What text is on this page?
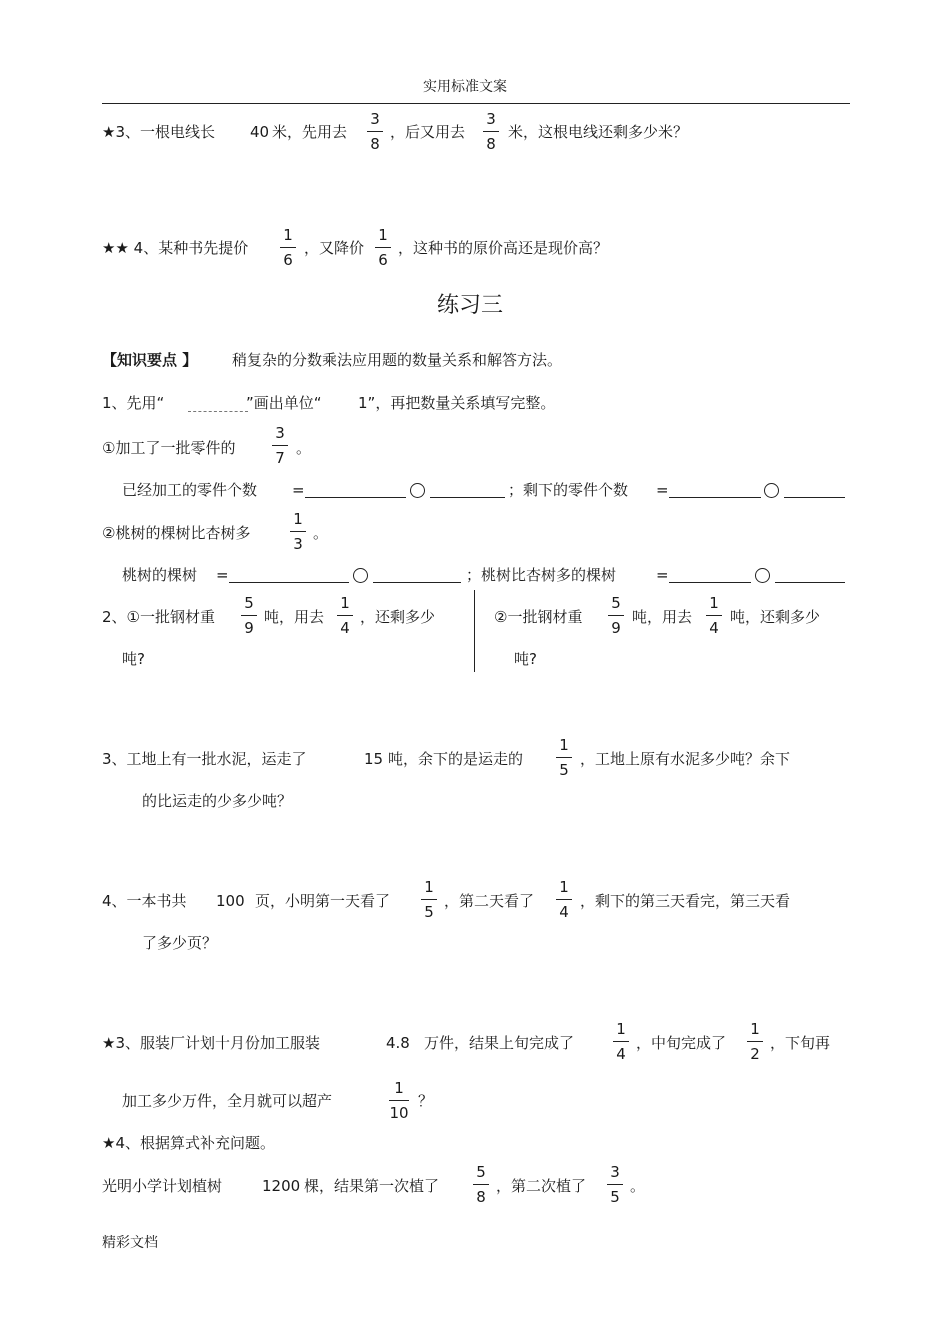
实用标准文案
★3、一根电线长 40 米，先用去
3
8
，后又用去
3
8
米，这根电线还剩多少米？
★★ 4、某种书先提价
1
6
，又降价
1
6
，这种书的原价高还是现价高？
练习三
【知识要点 】 稍复杂的分数乘法应用题的数量关系和解答方法。
1、先用“	”画出单位“ 1”，再把数量关系填写完整。
①加工了一批零件的
3
7
。
已经加工的零件个数 =	；剩下的零件个数 =
②桃树的棵树比杏树多
1
3
。
桃树的棵树 =	；桃树比杏树多的棵树	=
2、①一批钢材重
5
9
吨，用去
1
4
，还剩多少
吨?
②一批钢材重
5
9
吨，用去
1
4
吨，还剩多少
吨?
3、工地上有一批水泥，运走了	15 吨，余下的是运走的
1
5
，工地上原有水泥多少吨？余下
的比运走的少多少吨？
4、一本书共 100 页，小明第一天看了
1
5
，第二天看了
1
4
，剩下的第三天看完，第三天看
了多少页？
★3、服装厂计划十月份加工服装	4.8 万件，结果上旬完成了
1
4
，中旬完成了
1
2
，下旬再
加工多少万件，全月就可以超产
1
10
？
★4、根据算式补充问题。
光明小学计划植树	1200 棵，结果第一次植了
5
8
，第二次植了
3
5
。
精彩文档
